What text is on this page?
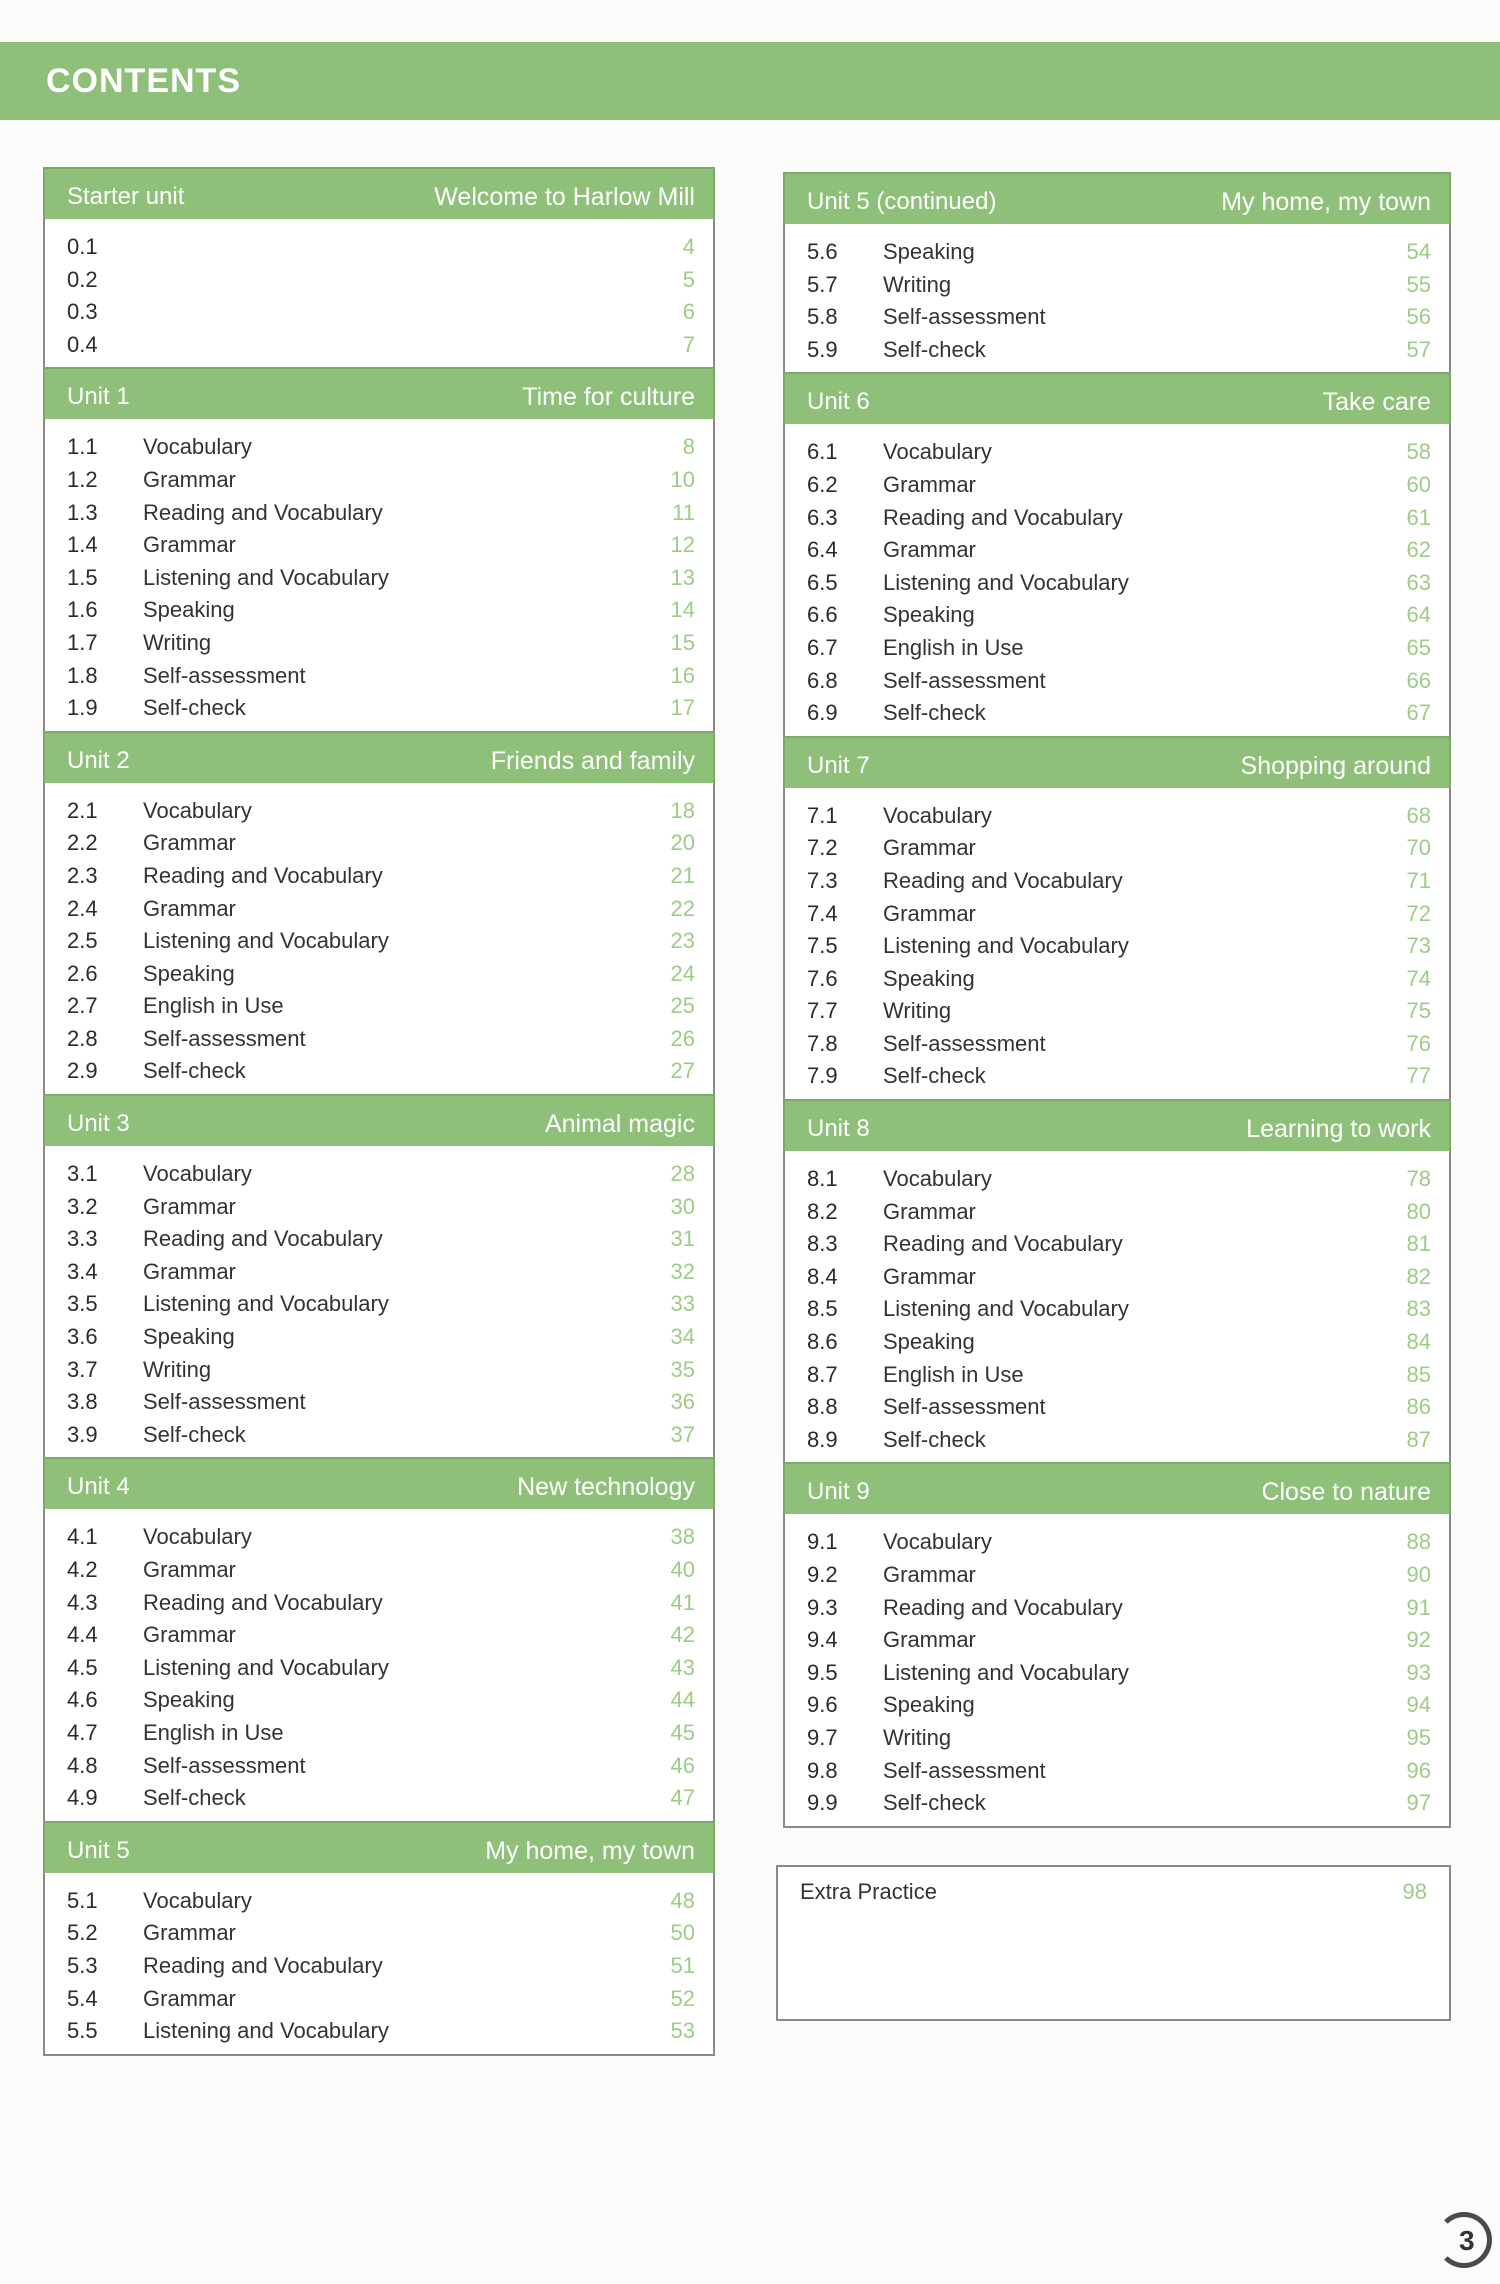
CONTENTS
Starter unit	Welcome to Harlow Mill
0.1	4
0.2	5
0.3	6
0.4	7
Unit 1	Time for culture
1.1 Vocabulary	8
1.2 Grammar	10
1.3 Reading and Vocabulary	11
1.4 Grammar	12
1.5 Listening and Vocabulary	13
1.6 Speaking	14
1.7 Writing	15
1.8 Self-assessment	16
1.9 Self-check	17
Unit 2	Friends and family
2.1 Vocabulary	18
2.2 Grammar	20
2.3 Reading and Vocabulary	21
2.4 Grammar	22
2.5 Listening and Vocabulary	23
2.6 Speaking	24
2.7 English in Use	25
2.8 Self-assessment	26
2.9 Self-check	27
Unit 3	Animal magic
3.1 Vocabulary	28
3.2 Grammar	30
3.3 Reading and Vocabulary	31
3.4 Grammar	32
3.5 Listening and Vocabulary	33
3.6 Speaking	34
3.7 Writing	35
3.8 Self-assessment	36
3.9 Self-check	37
Unit 4	New technology
4.1 Vocabulary	38
4.2 Grammar	40
4.3 Reading and Vocabulary	41
4.4 Grammar	42
4.5 Listening and Vocabulary	43
4.6 Speaking	44
4.7 English in Use	45
4.8 Self-assessment	46
4.9 Self-check	47
Unit 5	My home, my town
5.1 Vocabulary	48
5.2 Grammar	50
5.3 Reading and Vocabulary	51
5.4 Grammar	52
5.5 Listening and Vocabulary	53
Unit 5 (continued)	My home, my town
5.6 Speaking	54
5.7 Writing	55
5.8 Self-assessment	56
5.9 Self-check	57
Unit 6	Take care
6.1 Vocabulary	58
6.2 Grammar	60
6.3 Reading and Vocabulary	61
6.4 Grammar	62
6.5 Listening and Vocabulary	63
6.6 Speaking	64
6.7 English in Use	65
6.8 Self-assessment	66
6.9 Self-check	67
Unit 7	Shopping around
7.1 Vocabulary	68
7.2 Grammar	70
7.3 Reading and Vocabulary	71
7.4 Grammar	72
7.5 Listening and Vocabulary	73
7.6 Speaking	74
7.7 Writing	75
7.8 Self-assessment	76
7.9 Self-check	77
Unit 8	Learning to work
8.1 Vocabulary	78
8.2 Grammar	80
8.3 Reading and Vocabulary	81
8.4 Grammar	82
8.5 Listening and Vocabulary	83
8.6 Speaking	84
8.7 English in Use	85
8.8 Self-assessment	86
8.9 Self-check	87
Unit 9	Close to nature
9.1 Vocabulary	88
9.2 Grammar	90
9.3 Reading and Vocabulary	91
9.4 Grammar	92
9.5 Listening and Vocabulary	93
9.6 Speaking	94
9.7 Writing	95
9.8 Self-assessment	96
9.9 Self-check	97
Extra Practice	98
3
